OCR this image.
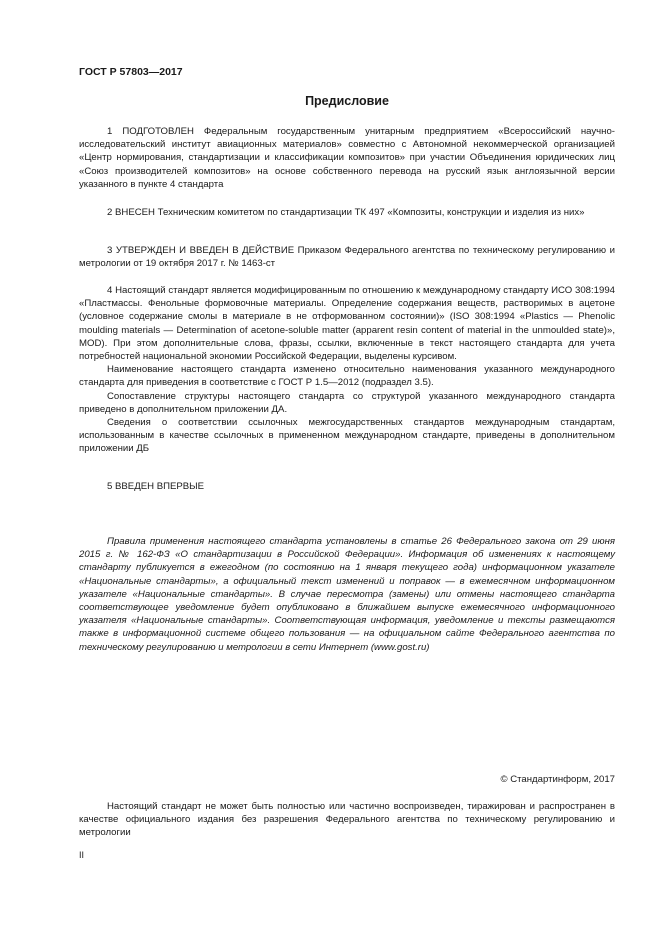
ГОСТ Р 57803—2017
Предисловие

1 ПОДГОТОВЛЕН Федеральным государственным унитарным предприятием «Всероссийский научно-исследовательский институт авиационных материалов» совместно с Автономной некоммерческой организацией «Центр нормирования, стандартизации и классификации композитов» при участии Объединения юридических лиц «Союз производителей композитов» на основе собственного перевода на русский язык англоязычной версии указанного в пункте 4 стандарта

2 ВНЕСЕН Техническим комитетом по стандартизации ТК 497 «Композиты, конструкции и изделия из них»

3 УТВЕРЖДЕН И ВВЕДЕН В ДЕЙСТВИЕ Приказом Федерального агентства по техническому регулированию и метрологии от 19 октября 2017 г. № 1463-ст

4 Настоящий стандарт является модифицированным по отношению к международному стандарту ИСО 308:1994 «Пластмассы. Фенольные формовочные материалы. Определение содержания веществ, растворимых в ацетоне (условное содержание смолы в материале в не отформованном состоянии)» (ISO 308:1994 «Plastics — Phenolic moulding materials — Determination of acetone-soluble matter (apparent resin content of material in the unmoulded state)», MOD). При этом дополнительные слова, фразы, ссылки, включенные в текст настоящего стандарта для учета потребностей национальной экономии Российской Федерации, выделены курсивом.

Наименование настоящего стандарта изменено относительно наименования указанного международного стандарта для приведения в соответствие с ГОСТ Р 1.5—2012 (подраздел 3.5).

Сопоставление структуры настоящего стандарта со структурой указанного международного стандарта приведено в дополнительном приложении ДА.

Сведения о соответствии ссылочных межгосударственных стандартов международным стандартам, использованным в качестве ссылочных в примененном международном стандарте, приведены в дополнительном приложении ДБ

5 ВВЕДЕН ВПЕРВЫЕ

Правила применения настоящего стандарта установлены в статье 26 Федерального закона от 29 июня 2015 г. № 162-ФЗ «О стандартизации в Российской Федерации». Информация об изменениях к настоящему стандарту публикуется в ежегодном (по состоянию на 1 января текущего года) информационном указателе «Национальные стандарты», а официальный текст изменений и поправок — в ежемесячном информационном указателе «Национальные стандарты». В случае пересмотра (замены) или отмены настоящего стандарта соответствующее уведомление будет опубликовано в ближайшем выпуске ежемесячного информационного указателя «Национальные стандарты». Соответствующая информация, уведомление и тексты размещаются также в информационной системе общего пользования — на официальном сайте Федерального агентства по техническому регулированию и метрологии в сети Интернет (www.gost.ru)
© Стандартинформ, 2017
Настоящий стандарт не может быть полностью или частично воспроизведен, тиражирован и распространен в качестве официального издания без разрешения Федерального агентства по техническому регулированию и метрологии
II
